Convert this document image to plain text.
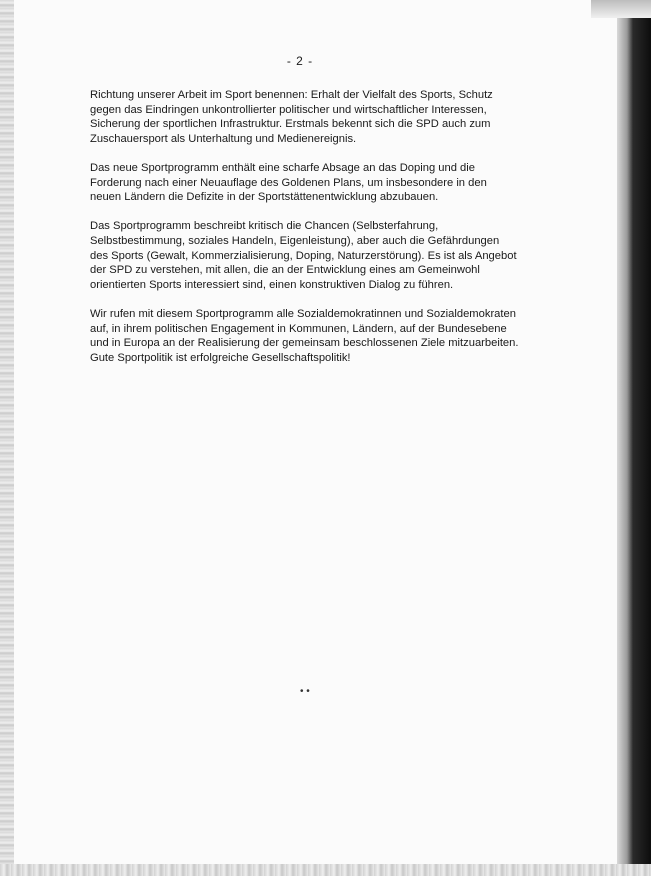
- 2 -

Richtung unserer Arbeit im Sport benennen: Erhalt der Vielfalt des Sports, Schutz gegen das Eindringen unkontrollierter politischer und wirtschaftlicher Interessen, Sicherung der sportlichen Infrastruktur. Erstmals bekennt sich die SPD auch zum Zuschauersport als Unterhaltung und Medienereignis.

Das neue Sportprogramm enthält eine scharfe Absage an das Doping und die Forderung nach einer Neuauflage des Goldenen Plans, um insbesondere in den neuen Ländern die Defizite in der Sportstättenentwicklung abzubauen.

Das Sportprogramm beschreibt kritisch die Chancen (Selbsterfahrung, Selbstbestimmung, soziales Handeln, Eigenleistung), aber auch die Gefährdungen des Sports (Gewalt, Kommerzialisierung, Doping, Naturzerstörung). Es ist als Angebot der SPD zu verstehen, mit allen, die an der Entwicklung eines am Gemeinwohl orientierten Sports interessiert sind, einen konstruktiven Dialog zu führen.

Wir rufen mit diesem Sportprogramm alle Sozialdemokratinnen und Sozialdemokraten auf, in ihrem politischen Engagement in Kommunen, Ländern, auf der Bundesebene und in Europa an der Realisierung der gemeinsam beschlossenen Ziele mitzuarbeiten. Gute Sportpolitik ist erfolgreiche Gesellschaftspolitik!

• •
